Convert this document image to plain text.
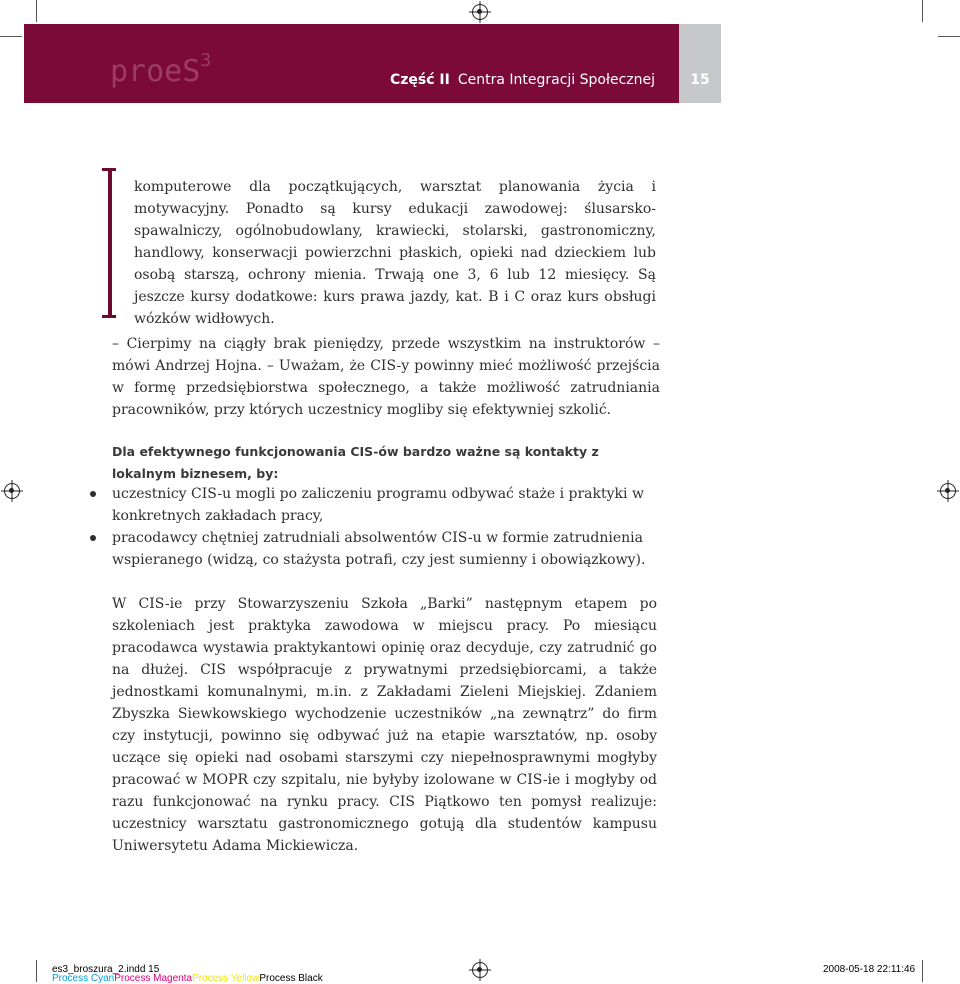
proeS$^3$
Część II Centra Integracji Społecznej	15

komputerowe dla początkujących, warsztat planowania życia i motywacyjny. Ponadto są kursy edukacji zawodowej: ślusarsko-spawalniczy, ogólnobudowlany, krawiecki, stolarski, gastronomiczny, handlowy, konserwacji powierzchni płaskich, opieki nad dzieckiem lub osobą starszą, ochrony mienia. Trwają one 3, 6 lub 12 miesięcy. Są jeszcze kursy dodatkowe: kurs prawa jazdy, kat. B i C oraz kurs obsługi wózków widłowych.

– Cierpimy na ciągły brak pieniędzy, przede wszystkim na instruktorów – mówi Andrzej Hojna. – Uważam, że CIS-y powinny mieć możliwość przejścia w formę przedsiębiorstwa społecznego, a także możliwość zatrudniania pracowników, przy których uczestnicy mogliby się efektywniej szkolić.

Dla efektywnego funkcjonowania CIS-ów bardzo ważne są kontakty z lokalnym biznesem, by:

uczestnicy CIS-u mogli po zaliczeniu programu odbywać staże i praktyki w konkretnych zakładach pracy,
pracodawcy chętniej zatrudniali absolwentów CIS-u w formie zatrudnienia wspieranego (widzą, co stażysta potrafi, czy jest sumienny i obowiązkowy).

W CIS-ie przy Stowarzyszeniu Szkoła „Barki” następnym etapem po szkoleniach jest praktyka zawodowa w miejscu pracy. Po miesiącu pracodawca wystawia praktykantowi opinię oraz decyduje, czy zatrudnić go na dłużej. CIS współpracuje z prywatnymi przedsiębiorcami, a także jednostkami komunalnymi, m.in. z Zakładami Zieleni Miejskiej. Zdaniem Zbyszka Siewkowskiego wychodzenie uczestników „na zewnątrz” do firm czy instytucji, powinno się odbywać już na etapie warsztatów, np. osoby uczące się opieki nad osobami starszymi czy niepełnosprawnymi mogłyby pracować w MOPR czy szpitalu, nie byłyby izolowane w CIS-ie i mogłyby od razu funkcjonować na rynku pracy. CIS Piątkowo ten pomysł realizuje: uczestnicy warsztatu gastronomicznego gotują dla studentów kampusu Uniwersytetu Adama Mickiewicza.

es3_broszura_2.indd 15	2008-05-18 22:11:46
Process CyanProcess MagentaProcess YellowProcess Black
